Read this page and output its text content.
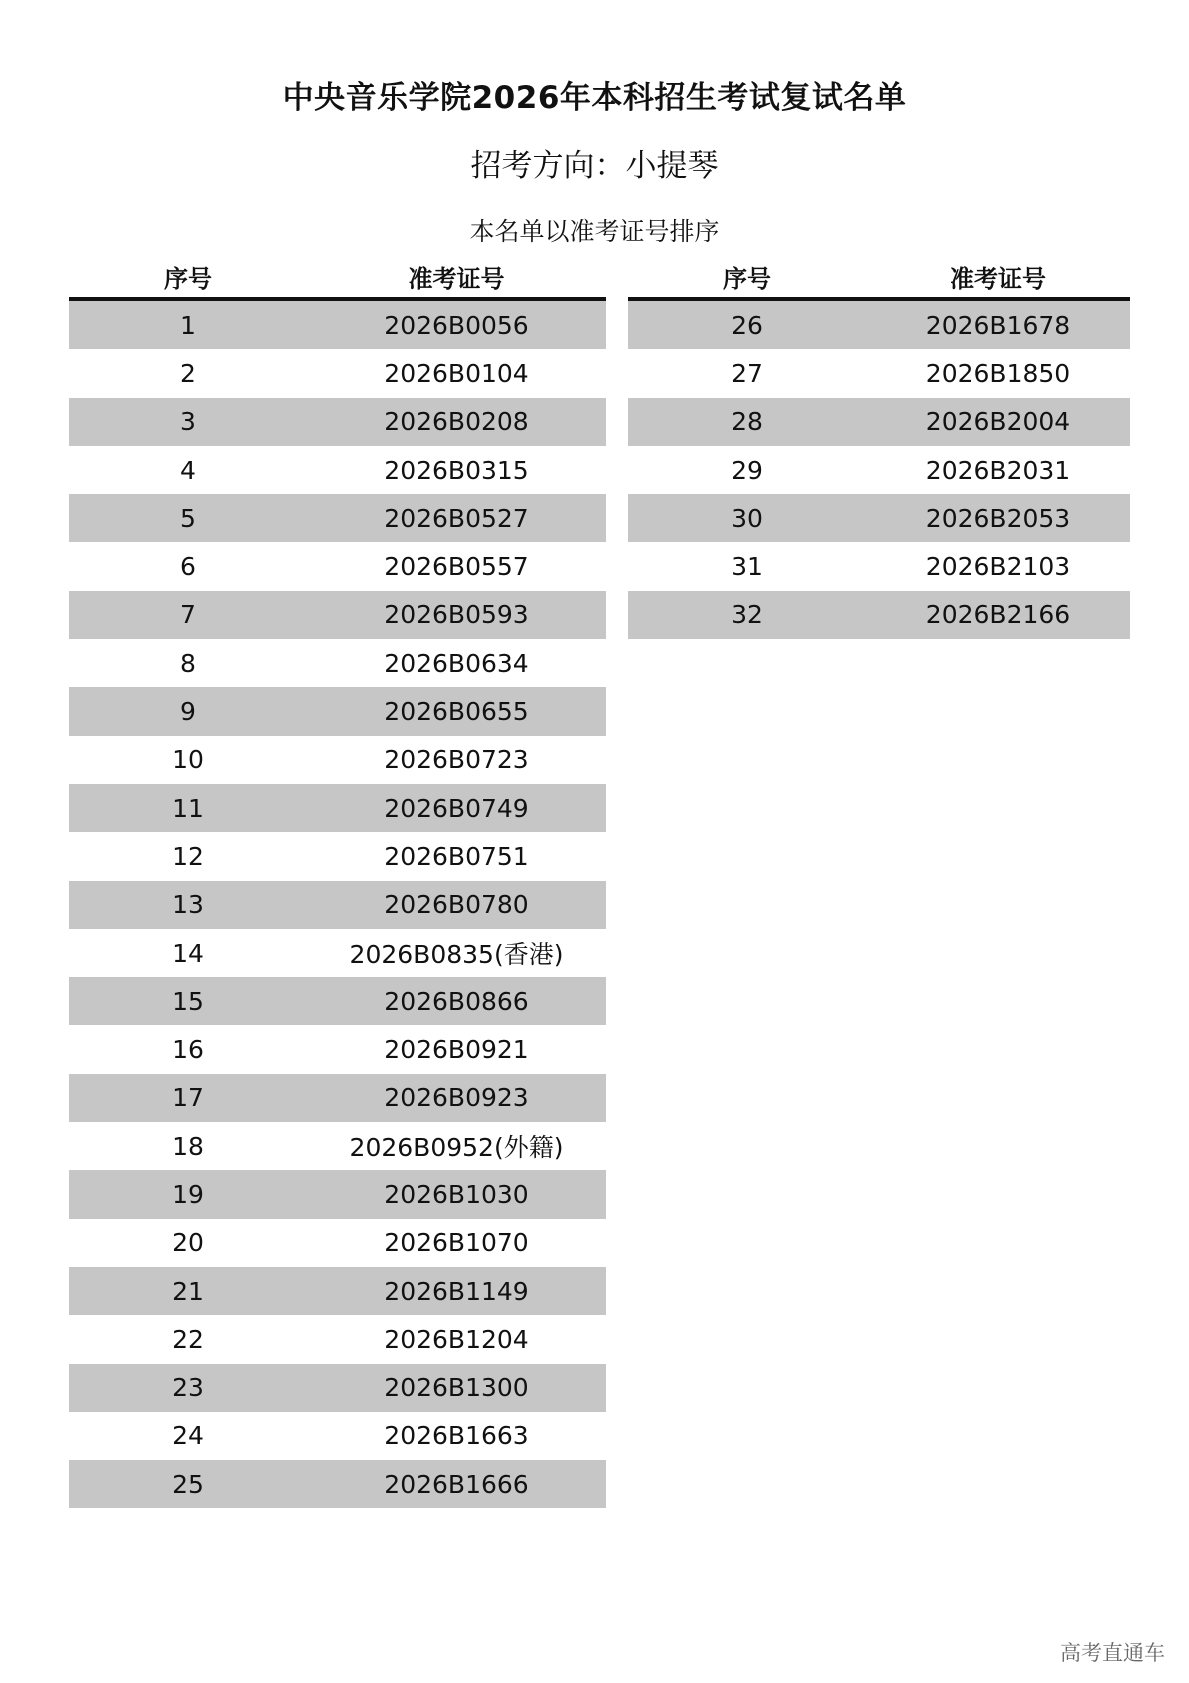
中央音乐学院2026年本科招生考试复试名单
招考方向：小提琴
本名单以准考证号排序
序号	准考证号
1	2026B0056
2	2026B0104
3	2026B0208
4	2026B0315
5	2026B0527
6	2026B0557
7	2026B0593
8	2026B0634
9	2026B0655
10	2026B0723
11	2026B0749
12	2026B0751
13	2026B0780
14	2026B0835(香港)
15	2026B0866
16	2026B0921
17	2026B0923
18	2026B0952(外籍)
19	2026B1030
20	2026B1070
21	2026B1149
22	2026B1204
23	2026B1300
24	2026B1663
25	2026B1666
序号	准考证号
26	2026B1678
27	2026B1850
28	2026B2004
29	2026B2031
30	2026B2053
31	2026B2103
32	2026B2166
高考直通车
